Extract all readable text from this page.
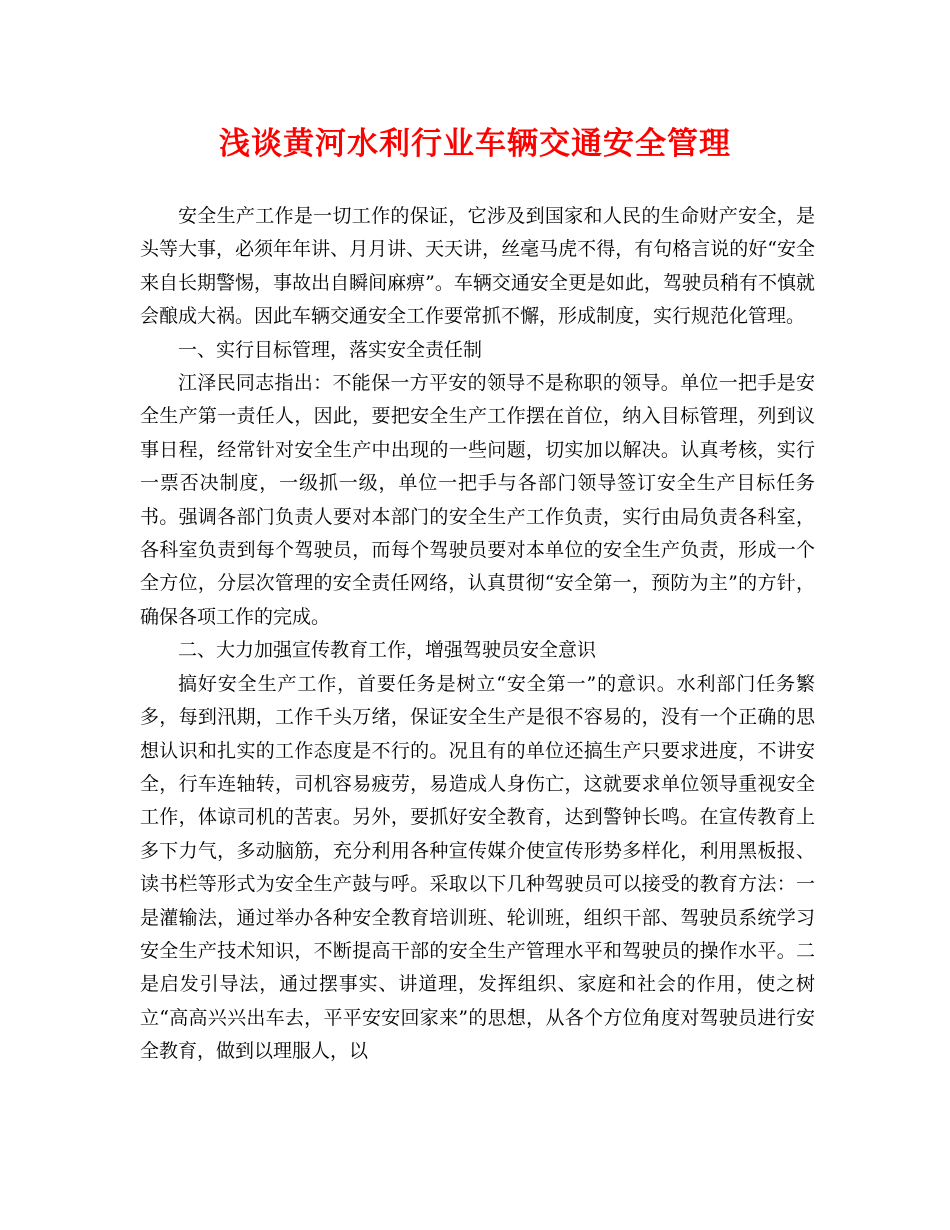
浅谈黄河水利行业车辆交通安全管理

安全生产工作是一切工作的保证，它涉及到国家和人民的生命财产安全，是头等大事，必须年年讲、月月讲、天天讲，丝毫马虎不得，有句格言说的好“安全来自长期警惕，事故出自瞬间麻痹”。车辆交通安全更是如此，驾驶员稍有不慎就会酿成大祸。因此车辆交通安全工作要常抓不懈，形成制度，实行规范化管理。

一、实行目标管理，落实安全责任制

江泽民同志指出：不能保一方平安的领导不是称职的领导。单位一把手是安全生产第一责任人，因此，要把安全生产工作摆在首位，纳入目标管理，列到议事日程，经常针对安全生产中出现的一些问题，切实加以解决。认真考核，实行一票否决制度，一级抓一级，单位一把手与各部门领导签订安全生产目标任务书。强调各部门负责人要对本部门的安全生产工作负责，实行由局负责各科室，各科室负责到每个驾驶员，而每个驾驶员要对本单位的安全生产负责，形成一个全方位，分层次管理的安全责任网络，认真贯彻“安全第一，预防为主”的方针，确保各项工作的完成。

二、大力加强宣传教育工作，增强驾驶员安全意识

搞好安全生产工作，首要任务是树立“安全第一”的意识。水利部门任务繁多，每到汛期，工作千头万绪，保证安全生产是很不容易的，没有一个正确的思想认识和扎实的工作态度是不行的。况且有的单位还搞生产只要求进度，不讲安全，行车连轴转，司机容易疲劳，易造成人身伤亡，这就要求单位领导重视安全工作，体谅司机的苦衷。另外，要抓好安全教育，达到警钟长鸣。在宣传教育上多下力气，多动脑筋，充分利用各种宣传媒介使宣传形势多样化，利用黑板报、读书栏等形式为安全生产鼓与呼。采取以下几种驾驶员可以接受的教育方法：一是灌输法，通过举办各种安全教育培训班、轮训班，组织干部、驾驶员系统学习安全生产技术知识，不断提高干部的安全生产管理水平和驾驶员的操作水平。二是启发引导法，通过摆事实、讲道理，发挥组织、家庭和社会的作用，使之树立“高高兴兴出车去，平平安安回家来”的思想，从各个方位角度对驾驶员进行安全教育，做到以理服人，以
